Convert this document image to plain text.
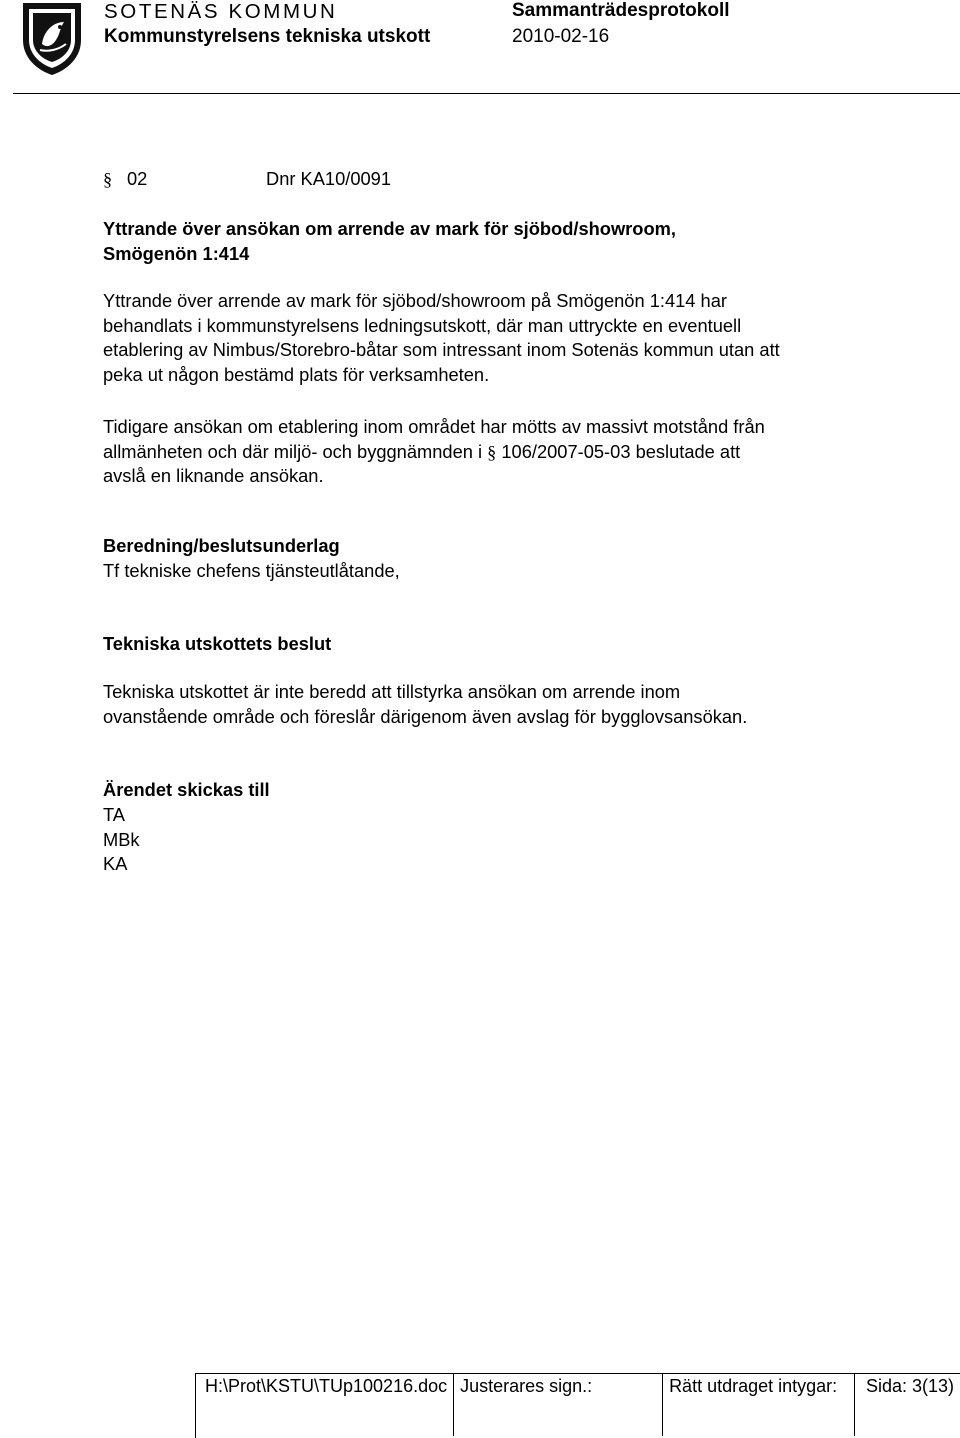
SOTENÄS KOMMUN
Kommunstyrelsens tekniska utskott
Sammanträdesprotokoll
2010-02-16
§ 02	Dnr KA10/0091
Yttrande över ansökan om arrende av mark för sjöbod/showroom,
Smögenön 1:414
Yttrande över arrende av mark för sjöbod/showroom på Smögenön 1:414 har
behandlats i kommunstyrelsens ledningsutskott, där man uttryckte en eventuell
etablering av Nimbus/Storebro-båtar som intressant inom Sotenäs kommun utan att
peka ut någon bestämd plats för verksamheten.
Tidigare ansökan om etablering inom området har mötts av massivt motstånd från
allmänheten och där miljö- och byggnämnden i § 106/2007-05-03 beslutade att
avslå en liknande ansökan.
Beredning/beslutsunderlag
Tf tekniske chefens tjänsteutlåtande,
Tekniska utskottets beslut
Tekniska utskottet är inte beredd att tillstyrka ansökan om arrende inom
ovanstående område och föreslår därigenom även avslag för bygglovsansökan.
Ärendet skickas till
TA
MBk
KA
H:\Prot\KSTU\TUp100216.doc	Justerares sign.:	Rätt utdraget intygar:	Sida: 3(13)
